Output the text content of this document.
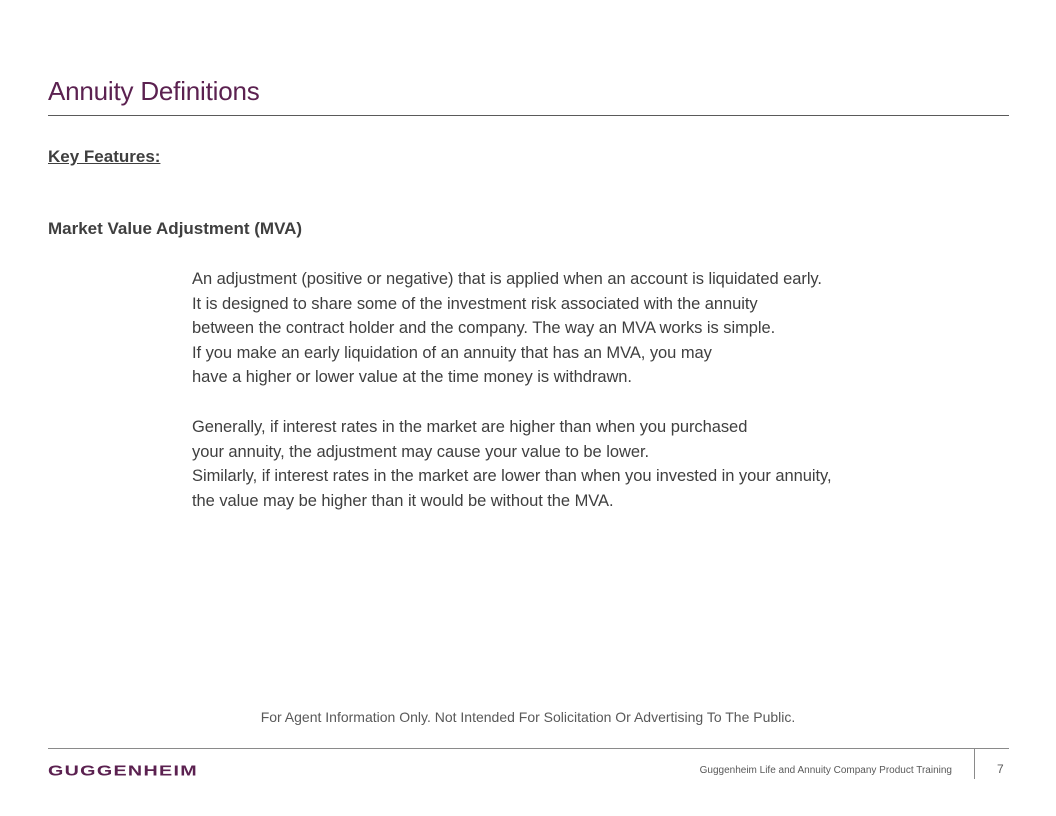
Annuity Definitions
Key Features:
Market Value Adjustment (MVA)
An adjustment (positive or negative) that is applied when an account is liquidated early.
It is designed to share some of the investment risk associated with the annuity
between the contract holder and the company. The way an MVA works is simple.
If you make an early liquidation of an annuity that has an MVA, you may
have a higher or lower value at the time money is withdrawn.
Generally, if interest rates in the market are higher than when you purchased
your annuity, the adjustment may cause your value to be lower.
Similarly, if interest rates in the market are lower than when you invested in your annuity,
the value may be higher than it would be without the MVA.
For Agent Information Only. Not Intended For Solicitation Or Advertising To The Public.
GUGGENHEIM	Guggenheim Life and Annuity Company Product Training	7
